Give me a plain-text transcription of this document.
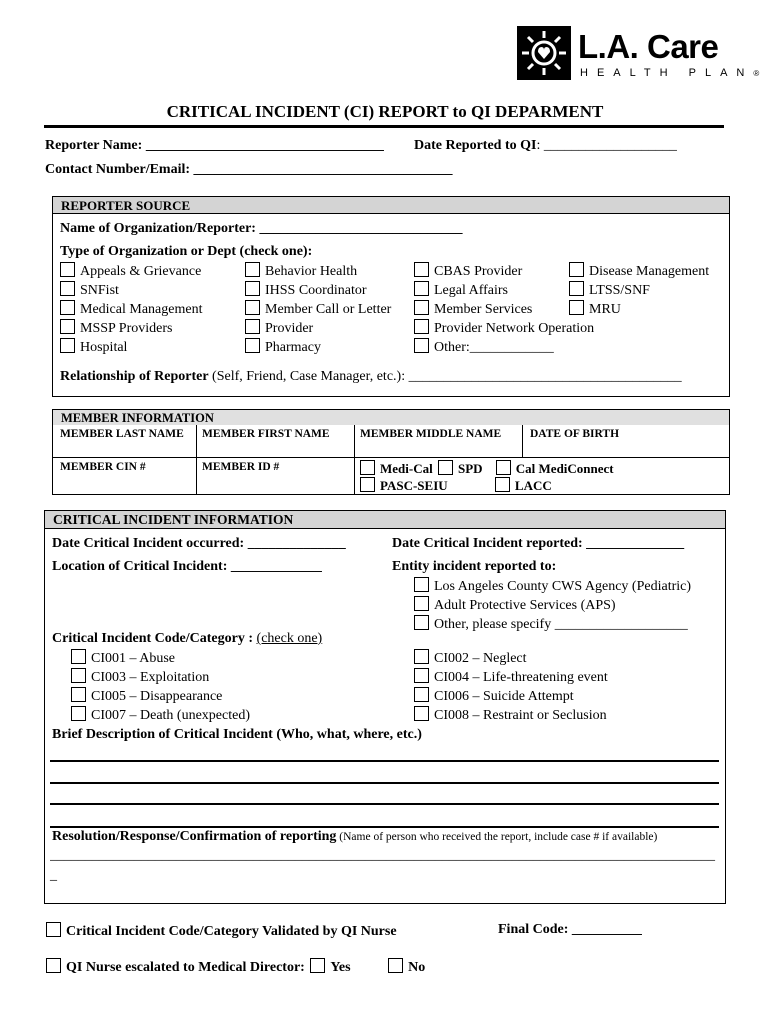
L.A. Care
HEALTH PLAN®
CRITICAL INCIDENT (CI) REPORT to QI DEPARMENT
Reporter Name: __________________________________ Date Reported to QI: ___________________
Contact Number/Email: _____________________________________
REPORTER SOURCE
Name of Organization/Reporter: _____________________________
Type of Organization or Dept (check one):
Appeals & Grievance
SNFist
Medical Management
MSSP Providers
Hospital
Behavior Health
IHSS Coordinator
Member Call or Letter
Provider
Pharmacy
CBAS Provider
Legal Affairs
Member Services
Provider Network Operation
Other:____________
Disease Management
LTSS/SNF
MRU
Relationship of Reporter (Self, Friend, Case Manager, etc.): _______________________________________
MEMBER INFORMATION
MEMBER LAST NAME MEMBER FIRST NAME	MEMBER MIDDLE NAME	DATE OF BIRTH
MEMBER CIN #	MEMBER ID #	Medi-Cal SPD	Cal MediConnect
PASC-SEIU	LACC
CRITICAL INCIDENT INFORMATION
Date Critical Incident occurred: ______________	Date Critical Incident reported: ______________
Location of Critical Incident: _____________	Entity incident reported to:
Los Angeles County CWS Agency (Pediatric)
Adult Protective Services (APS)
Other, please specify ___________________
Critical Incident Code/Category : (check one)
CI001 – Abuse
CI003 – Exploitation
CI005 – Disappearance
CI007 – Death (unexpected)
CI002 – Neglect
CI004 – Life-threatening event
CI006 – Suicide Attempt
CI008 – Restraint or Seclusion
Brief Description of Critical Incident (Who, what, where, etc.)
Resolution/Response/Confirmation of reporting (Name of person who received the report, include case # if available)
_______________________________________________________________________________________________
_
Critical Incident Code/Category Validated by QI Nurse	Final Code: __________
QI Nurse escalated to Medical Director: Yes	No
